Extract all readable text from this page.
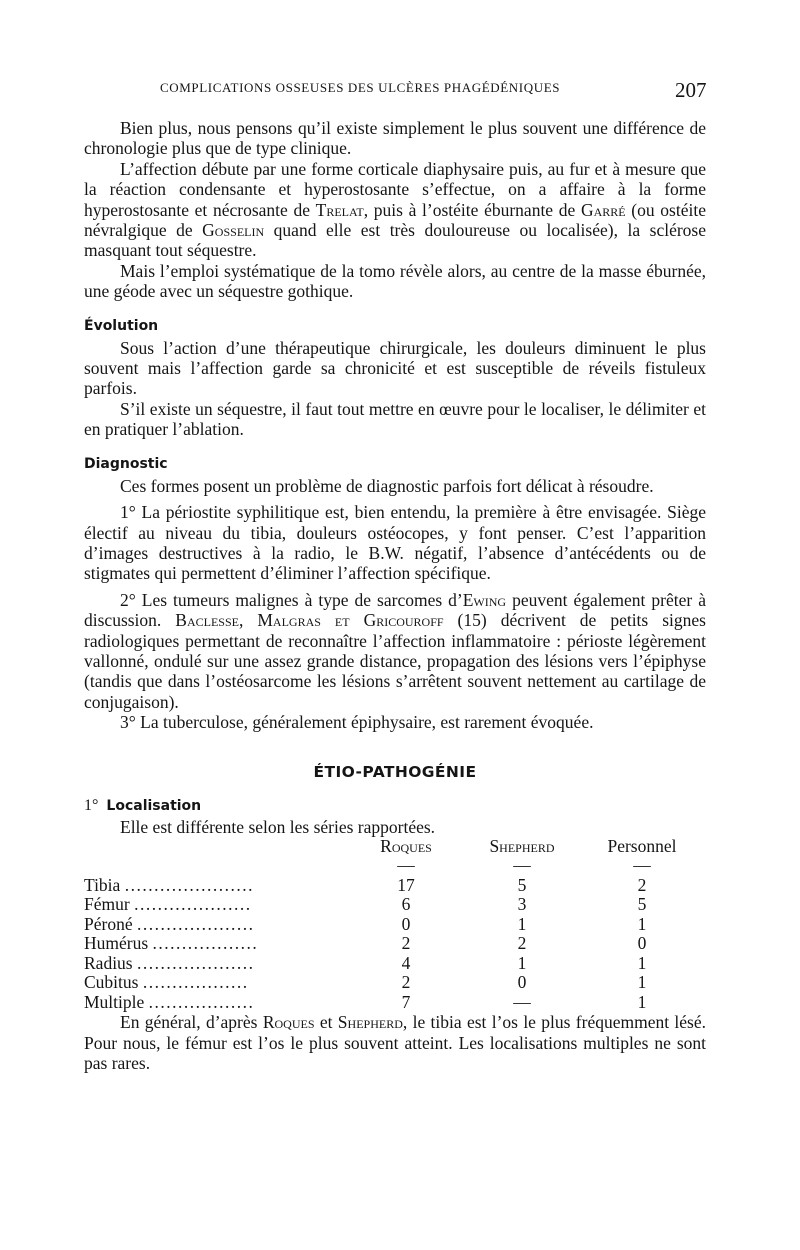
COMPLICATIONS OSSEUSES DES ULCÈRES PHAGÉDÉNIQUES	207

Bien plus, nous pensons qu’il existe simplement le plus souvent une différence de chronologie plus que de type clinique.

L’affection débute par une forme corticale diaphysaire puis, au fur et à mesure que la réaction condensante et hyperostosante s’effectue, on a affaire à la forme hyperostosante et nécrosante de Trelat, puis à l’ostéite éburnante de Garré (ou ostéite névralgique de Gosselin quand elle est très douloureuse ou localisée), la sclérose masquant tout séquestre.

Mais l’emploi systématique de la tomo révèle alors, au centre de la masse éburnée, une géode avec un séquestre gothique.

Évolution

Sous l’action d’une thérapeutique chirurgicale, les douleurs diminuent le plus souvent mais l’affection garde sa chronicité et est susceptible de réveils fistuleux parfois.

S’il existe un séquestre, il faut tout mettre en œuvre pour le localiser, le délimiter et en pratiquer l’ablation.

Diagnostic

Ces formes posent un problème de diagnostic parfois fort délicat à résoudre.

1° La périostite syphilitique est, bien entendu, la première à être envisagée. Siège électif au niveau du tibia, douleurs ostéocopes, y font penser. C’est l’apparition d’images destructives à la radio, le B.W. négatif, l’absence d’antécédents ou de stigmates qui permettent d’éliminer l’affection spécifique.

2° Les tumeurs malignes à type de sarcomes d’Ewing peuvent également prêter à discussion. Baclesse, Malgras et Gricouroff (15) décrivent de petits signes radiologiques permettant de reconnaître l’affection inflammatoire : périoste légèrement vallonné, ondulé sur une assez grande distance, propagation des lésions vers l’épiphyse (tandis que dans l’ostéosarcome les lésions s’arrêtent souvent nettement au cartilage de conjugaison).

3° La tuberculose, généralement épiphysaire, est rarement évoquée.

ÉTIO-PATHOGÉNIE
1° Localisation

Elle est différente selon les séries rapportées.

	Roques	Shepherd	Personnel
	—	—	—
Tibia ......................	17	5	2
Fémur ....................	6	3	5
Péroné ....................	0	1	1
Humérus ..................	2	2	0
Radius ....................	4	1	1
Cubitus ..................	2	0	1
Multiple ..................	7	—	1

En général, d’après Roques et Shepherd, le tibia est l’os le plus fréquemment lésé. Pour nous, le fémur est l’os le plus souvent atteint. Les localisations multiples ne sont pas rares.
